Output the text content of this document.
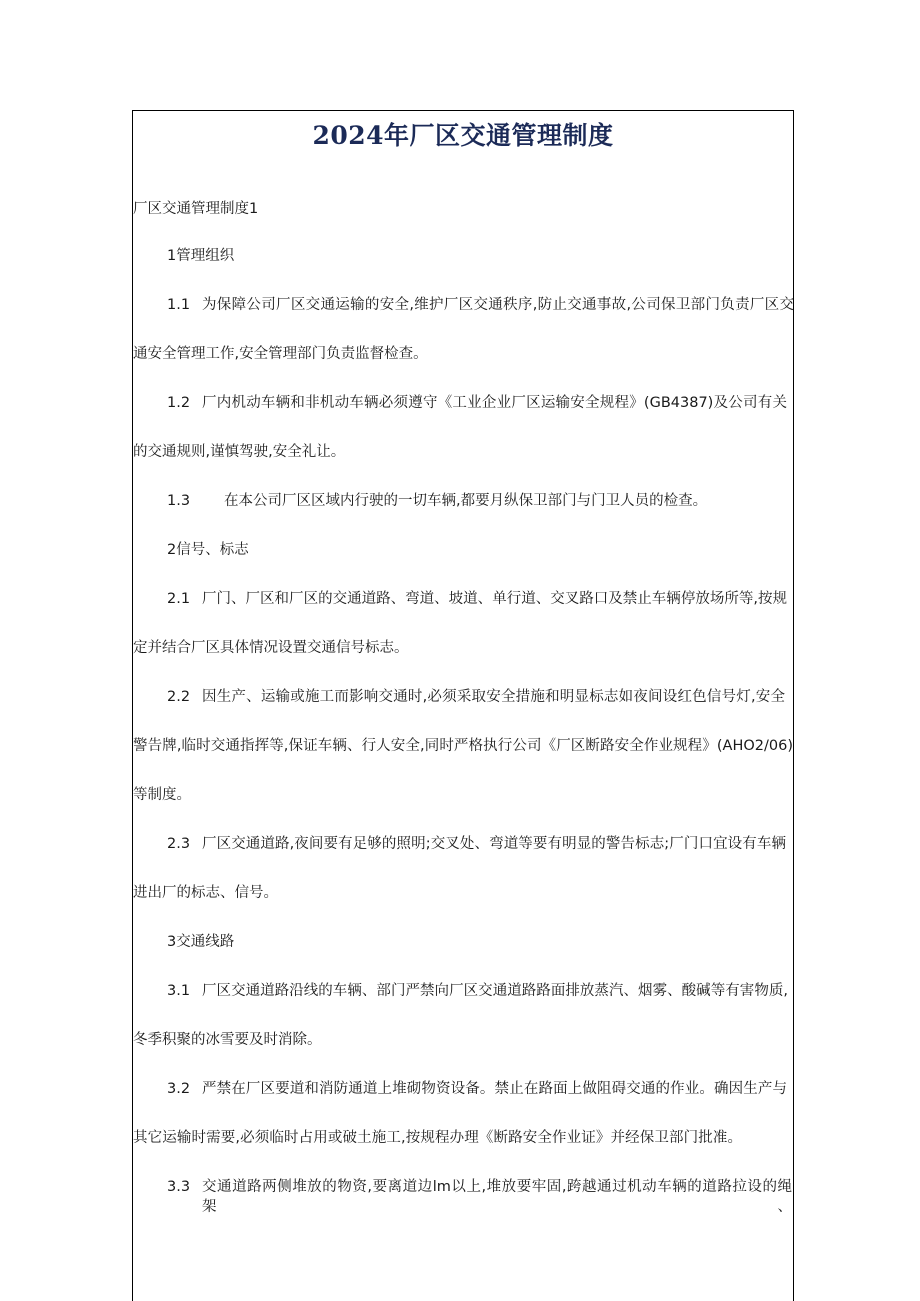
2024年厂区交通管理制度
厂区交通管理制度1
1管理组织
1.1 为保障公司厂区交通运输的安全,维护厂区交通秩序,防止交通事故,公司保卫部门负责厂区交
通安全管理工作,安全管理部门负责监督检查。
1.2 厂内机动车辆和非机动车辆必须遵守《工业企业厂区运输安全规程》(GB4387)及公司有关
的交通规则,谨慎驾驶,安全礼让。
1.3 在本公司厂区区域内行驶的一切车辆,都要月纵保卫部门与门卫人员的检查。
2信号、标志
2.1 厂门、厂区和厂区的交通道路、弯道、坡道、单行道、交叉路口及禁止车辆停放场所等,按规
定并结合厂区具体情况设置交通信号标志。
2.2 因生产、运输或施工而影响交通时,必须采取安全措施和明显标志如夜间设红色信号灯,安全
警告牌,临时交通指挥等,保证车辆、行人安全,同时严格执行公司《厂区断路安全作业规程》(AHO2/06)
等制度。
2.3 厂区交通道路,夜间要有足够的照明;交叉处、弯道等要有明显的警告标志;厂门口宜设有车辆
进出厂的标志、信号。
3交通线路
3.1 厂区交通道路沿线的车辆、部门严禁向厂区交通道路路面排放蒸汽、烟雾、酸碱等有害物质,
冬季积聚的冰雪要及时消除。
3.2 严禁在厂区要道和消防通道上堆砌物资设备。禁止在路面上做阻碍交通的作业。确因生产与
其它运输时需要,必须临时占用或破土施工,按规程办理《断路安全作业证》并经保卫部门批准。
3.3 交通道路两侧堆放的物资,要离道边lm以上,堆放要牢固,跨越通过机动车辆的道路拉设的绳架、
